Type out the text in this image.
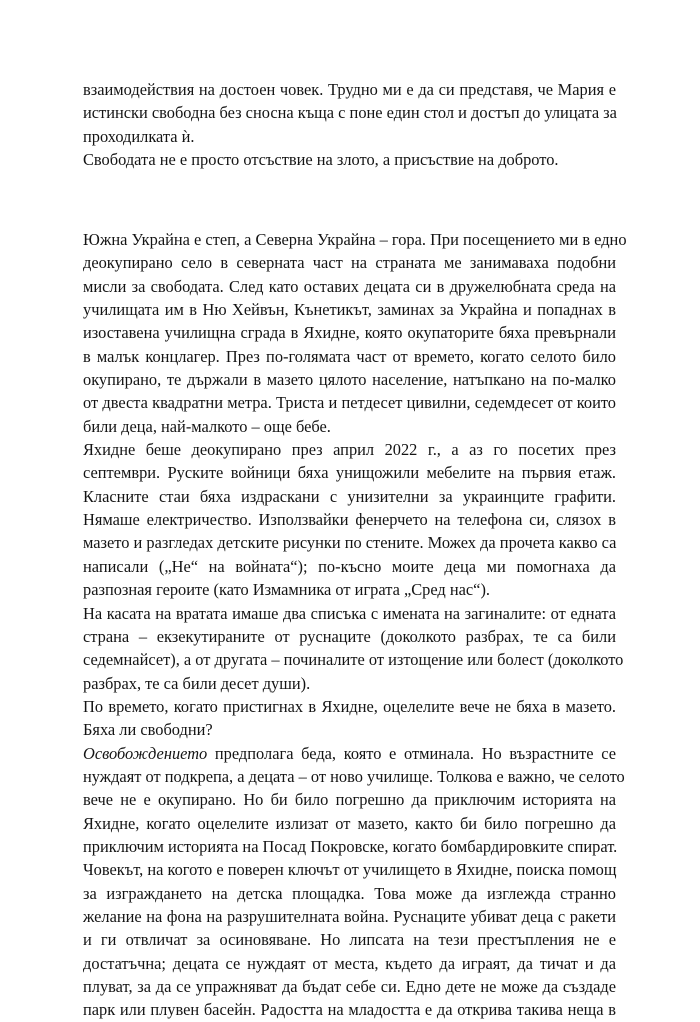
взаимодействия на достоен човек. Трудно ми е да си представя, че Мария е
истински свободна без сносна къща с поне един стол и достъп до улицата за
проходилката ѝ.

Свободата не е просто отсъствие на злото, а присъствие на доброто.

Южна Украйна е степ, а Северна Украйна – гора. При посещението ми в едно
деокупирано село в северната част на страната ме занимаваха подобни
мисли за свободата. След като оставих децата си в дружелюбната среда на
училищата им в Ню Хейвън, Кънетикът, заминах за Украйна и попаднах в
изоставена училищна сграда в Яхидне, която окупаторите бяха превърнали
в малък концлагер. През по-голямата част от времето, когато селото било
окупирано, те държали в мазето цялото население, натъпкано на по-малко
от двеста квадратни метра. Триста и петдесет цивилни, седемдесет от които
били деца, най-малкото – още бебе.

Яхидне беше деокупирано през април 2022 г., а аз го посетих през
септември. Руските войници бяха унищожили мебелите на първия етаж.
Класните стаи бяха издраскани с унизителни за украинците графити.
Нямаше електричество. Използвайки фенерчето на телефона си, слязох в
мазето и разгледах детските рисунки по стените. Можех да прочета какво са
написали („Не“ на войната“); по-късно моите деца ми помогнаха да
разпозная героите (като Измамника от играта „Сред нас“).

На касата на вратата имаше два списъка с имената на загиналите: от едната
страна – екзекутираните от руснаците (доколкото разбрах, те са били
седемнайсет), а от другата – починалите от изтощение или болест (доколкото
разбрах, те са били десет души).

По времето, когато пристигнах в Яхидне, оцелелите вече не бяха в мазето.
Бяха ли свободни?

Освобождението предполага беда, която е отминала. Но възрастните се
нуждаят от подкрепа, а децата – от ново училище. Толкова е важно, че селото
вече не е окупирано. Но би било погрешно да приключим историята на
Яхидне, когато оцелелите излизат от мазето, както би било погрешно да
приключим историята на Посад Покровске, когато бомбардировките спират.
Човекът, на когото е поверен ключът от училището в Яхидне, поиска помощ
за изграждането на детска площадка. Това може да изглежда странно
желание на фона на разрушителната война. Руснаците убиват деца с ракети
и ги отвличат за осиновяване. Но липсата на тези престъпления не е
достатъчна; децата се нуждаят от места, където да играят, да тичат и да
плуват, за да се упражняват да бъдат себе си. Едно дете не може да създаде
парк или плувен басейн. Радостта на младостта е да открива такива неща в
